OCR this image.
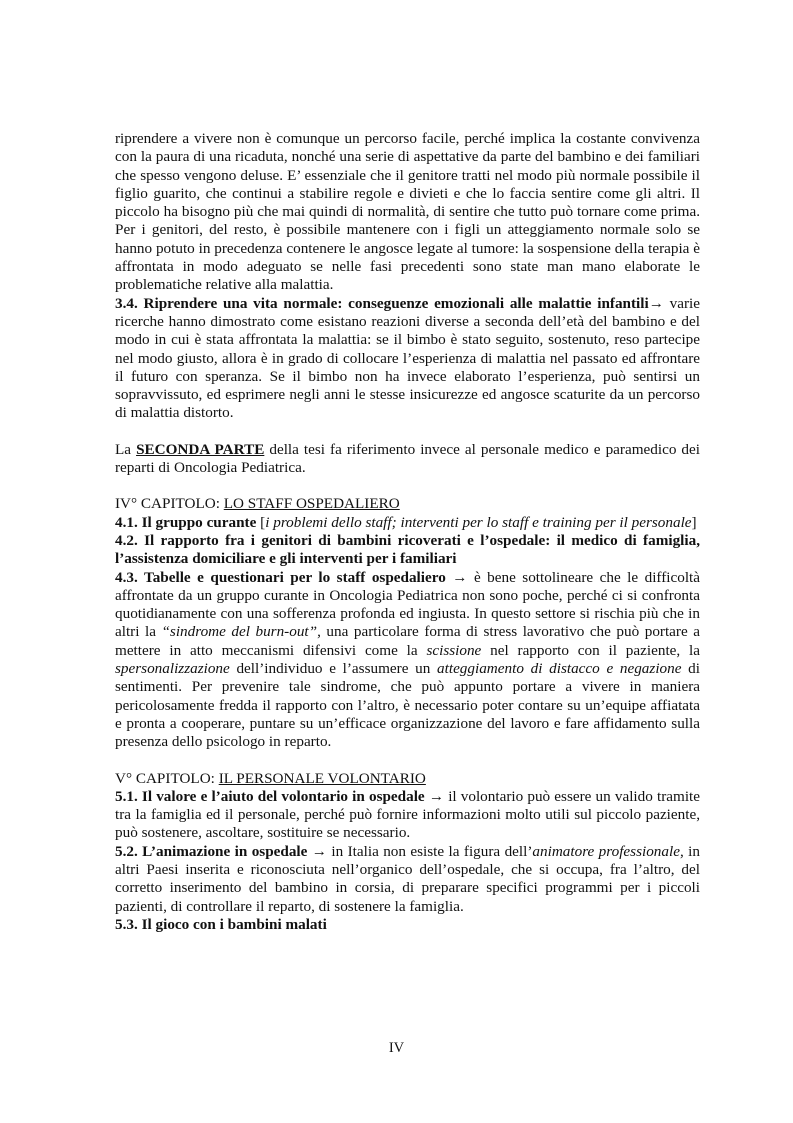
riprendere a vivere non è comunque un percorso facile, perché implica la costante convivenza con la paura di una ricaduta, nonché una serie di aspettative da parte del bambino e dei familiari che spesso vengono deluse. E’ essenziale che il genitore tratti nel modo più normale possibile il figlio guarito, che continui a stabilire regole e divieti e che lo faccia sentire come gli altri. Il piccolo ha bisogno più che mai quindi di normalità, di sentire che tutto può tornare come prima. Per i genitori, del resto, è possibile mantenere con i figli un atteggiamento normale solo se hanno potuto in precedenza contenere le angosce legate al tumore: la sospensione della terapia è affrontata in modo adeguato se nelle fasi precedenti sono state man mano elaborate le problematiche relative alla malattia.

3.4. Riprendere una vita normale: conseguenze emozionali alle malattie infantili→ varie ricerche hanno dimostrato come esistano reazioni diverse a seconda dell’età del bambino e del modo in cui è stata affrontata la malattia: se il bimbo è stato seguito, sostenuto, reso partecipe nel modo giusto, allora è in grado di collocare l’esperienza di malattia nel passato ed affrontare il futuro con speranza. Se il bimbo non ha invece elaborato l’esperienza, può sentirsi un sopravvissuto, ed esprimere negli anni le stesse insicurezze ed angosce scaturite da un percorso di malattia distorto.

La SECONDA PARTE della tesi fa riferimento invece al personale medico e paramedico dei reparti di Oncologia Pediatrica.

IV° CAPITOLO: LO STAFF OSPEDALIERO

4.1. Il gruppo curante [i problemi dello staff; interventi per lo staff e training per il personale]

4.2. Il rapporto fra i genitori di bambini ricoverati e l’ospedale: il medico di famiglia, l’assistenza domiciliare e gli interventi per i familiari

4.3. Tabelle e questionari per lo staff ospedaliero → è bene sottolineare che le difficoltà affrontate da un gruppo curante in Oncologia Pediatrica non sono poche, perché ci si confronta quotidianamente con una sofferenza profonda ed ingiusta. In questo settore si rischia più che in altri la “sindrome del burn-out”, una particolare forma di stress lavorativo che può portare a mettere in atto meccanismi difensivi come la scissione nel rapporto con il paziente, la spersonalizzazione dell’individuo e l’assumere un atteggiamento di distacco e negazione di sentimenti. Per prevenire tale sindrome, che può appunto portare a vivere in maniera pericolosamente fredda il rapporto con l’altro, è necessario poter contare su un’equipe affiatata e pronta a cooperare, puntare su un’efficace organizzazione del lavoro e fare affidamento sulla presenza dello psicologo in reparto.

V° CAPITOLO: IL PERSONALE VOLONTARIO

5.1. Il valore e l’aiuto del volontario in ospedale → il volontario può essere un valido tramite tra la famiglia ed il personale, perché può fornire informazioni molto utili sul piccolo paziente, può sostenere, ascoltare, sostituire se necessario.

5.2. L’animazione in ospedale → in Italia non esiste la figura dell’animatore professionale, in altri Paesi inserita e riconosciuta nell’organico dell’ospedale, che si occupa, fra l’altro, del corretto inserimento del bambino in corsia, di preparare specifici programmi per i piccoli pazienti, di controllare il reparto, di sostenere la famiglia.

5.3. Il gioco con i bambini malati

IV
